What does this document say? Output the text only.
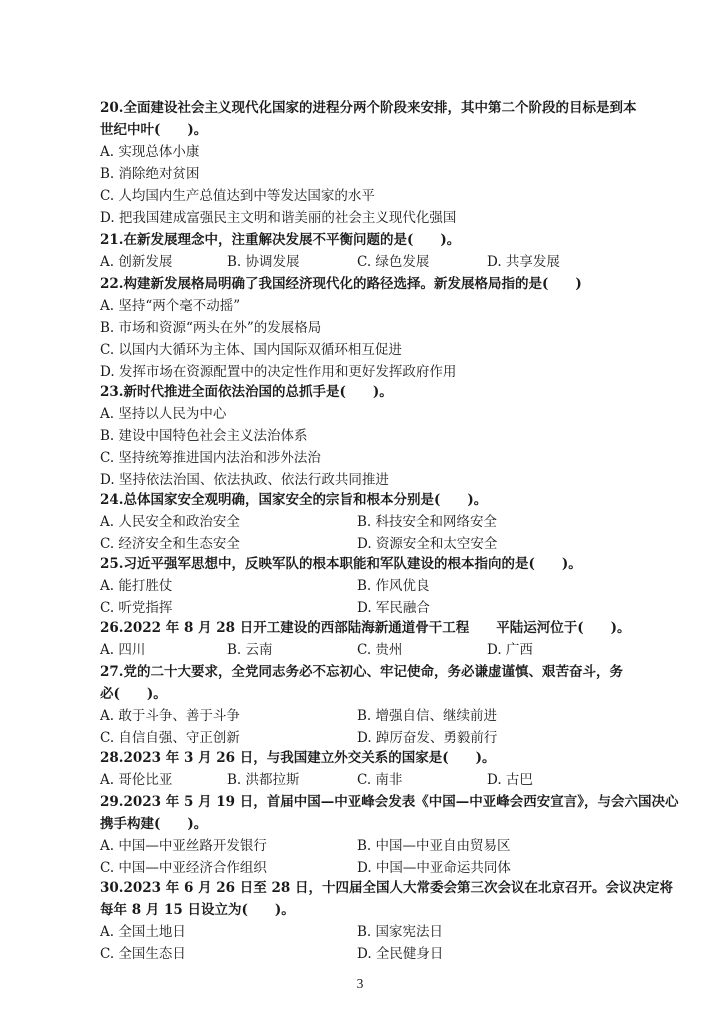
20.全面建设社会主义现代化国家的进程分两个阶段来安排，其中第二个阶段的目标是到本
世纪中叶(　　)。
A. 实现总体小康
B. 消除绝对贫困
C. 人均国内生产总值达到中等发达国家的水平
D. 把我国建成富强民主文明和谐美丽的社会主义现代化强国
21.在新发展理念中，注重解决发展不平衡问题的是(　　)。
A. 创新发展	B. 协调发展	C. 绿色发展	D. 共享发展
22.构建新发展格局明确了我国经济现代化的路径选择。新发展格局指的是(　　)
A. 坚持“两个毫不动摇”
B. 市场和资源“两头在外”的发展格局
C. 以国内大循环为主体、国内国际双循环相互促进
D. 发挥市场在资源配置中的决定性作用和更好发挥政府作用
23.新时代推进全面依法治国的总抓手是(　　)。
A. 坚持以人民为中心
B. 建设中国特色社会主义法治体系
C. 坚持统筹推进国内法治和涉外法治
D. 坚持依法治国、依法执政、依法行政共同推进
24.总体国家安全观明确，国家安全的宗旨和根本分别是(　　)。
A. 人民安全和政治安全	B. 科技安全和网络安全
C. 经济安全和生态安全	D. 资源安全和太空安全
25.习近平强军思想中，反映军队的根本职能和军队建设的根本指向的是(　　)。
A. 能打胜仗	B. 作风优良
C. 听党指挥	D. 军民融合
26.2022 年 8 月 28 日开工建设的西部陆海新通道骨干工程　　平陆运河位于(　　)。
A. 四川	B. 云南	C. 贵州	D. 广西
27.党的二十大要求，全党同志务必不忘初心、牢记使命，务必谦虚谨慎、艰苦奋斗，务
必(　　)。
A. 敢于斗争、善于斗争	B. 增强自信、继续前进
C. 自信自强、守正创新	D. 踔厉奋发、勇毅前行
28.2023 年 3 月 26 日，与我国建立外交关系的国家是(　　)。
A. 哥伦比亚	B. 洪都拉斯	C. 南非	D. 古巴
29.2023 年 5 月 19 日，首届中国—中亚峰会发表《中国—中亚峰会西安宣言》，与会六国决心
携手构建(　　)。
A. 中国—中亚丝路开发银行	B. 中国—中亚自由贸易区
C. 中国—中亚经济合作组织	D. 中国—中亚命运共同体
30.2023 年 6 月 26 日至 28 日，十四届全国人大常委会第三次会议在北京召开。会议决定将
每年 8 月 15 日设立为(　　)。
A. 全国土地日	B. 国家宪法日
C. 全国生态日	D. 全民健身日
3
